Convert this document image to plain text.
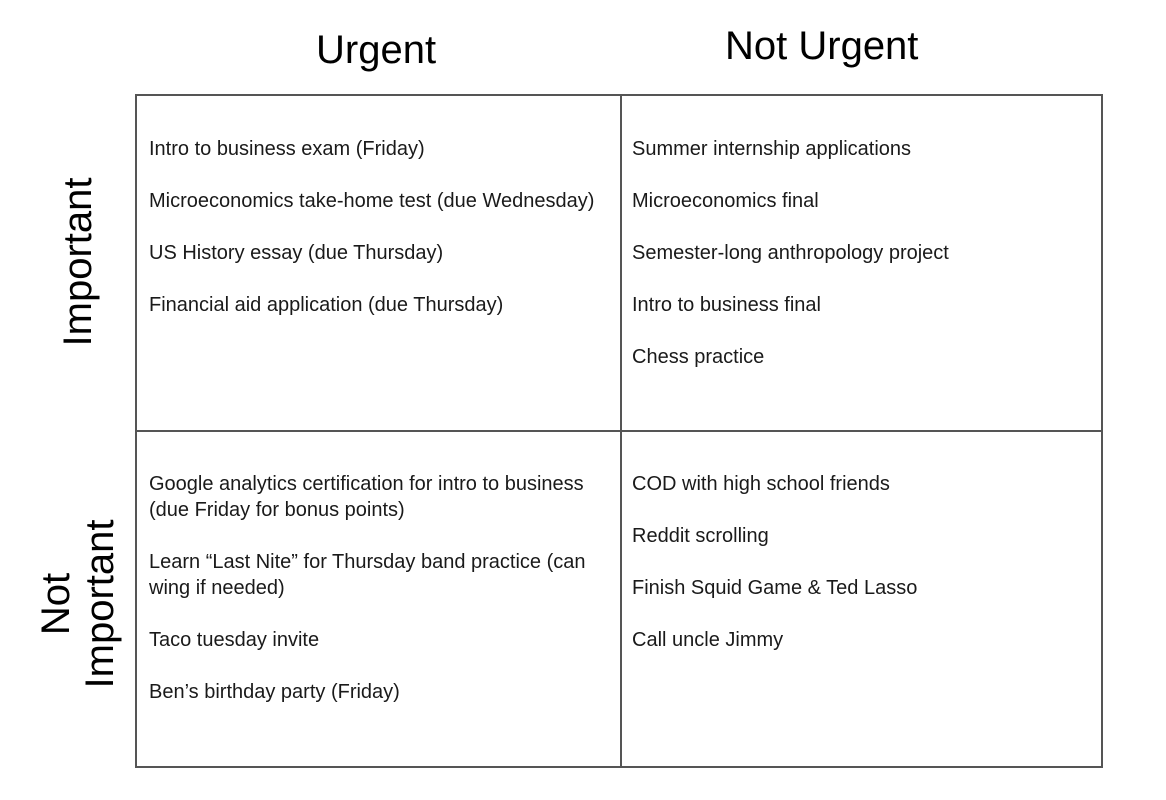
Urgent	Not Urgent
Important
Not Important
Intro to business exam (Friday)
Microeconomics take-home test (due Wednesday)
US History essay (due Thursday)
Financial aid application (due Thursday)
Summer internship applications
Microeconomics final
Semester-long anthropology project
Intro to business final
Chess practice
Google analytics certification for intro to business (due Friday for bonus points)
Learn “Last Nite” for Thursday band practice (can wing if needed)
Taco tuesday invite
Ben’s birthday party (Friday)
COD with high school friends
Reddit scrolling
Finish Squid Game & Ted Lasso
Call uncle Jimmy
